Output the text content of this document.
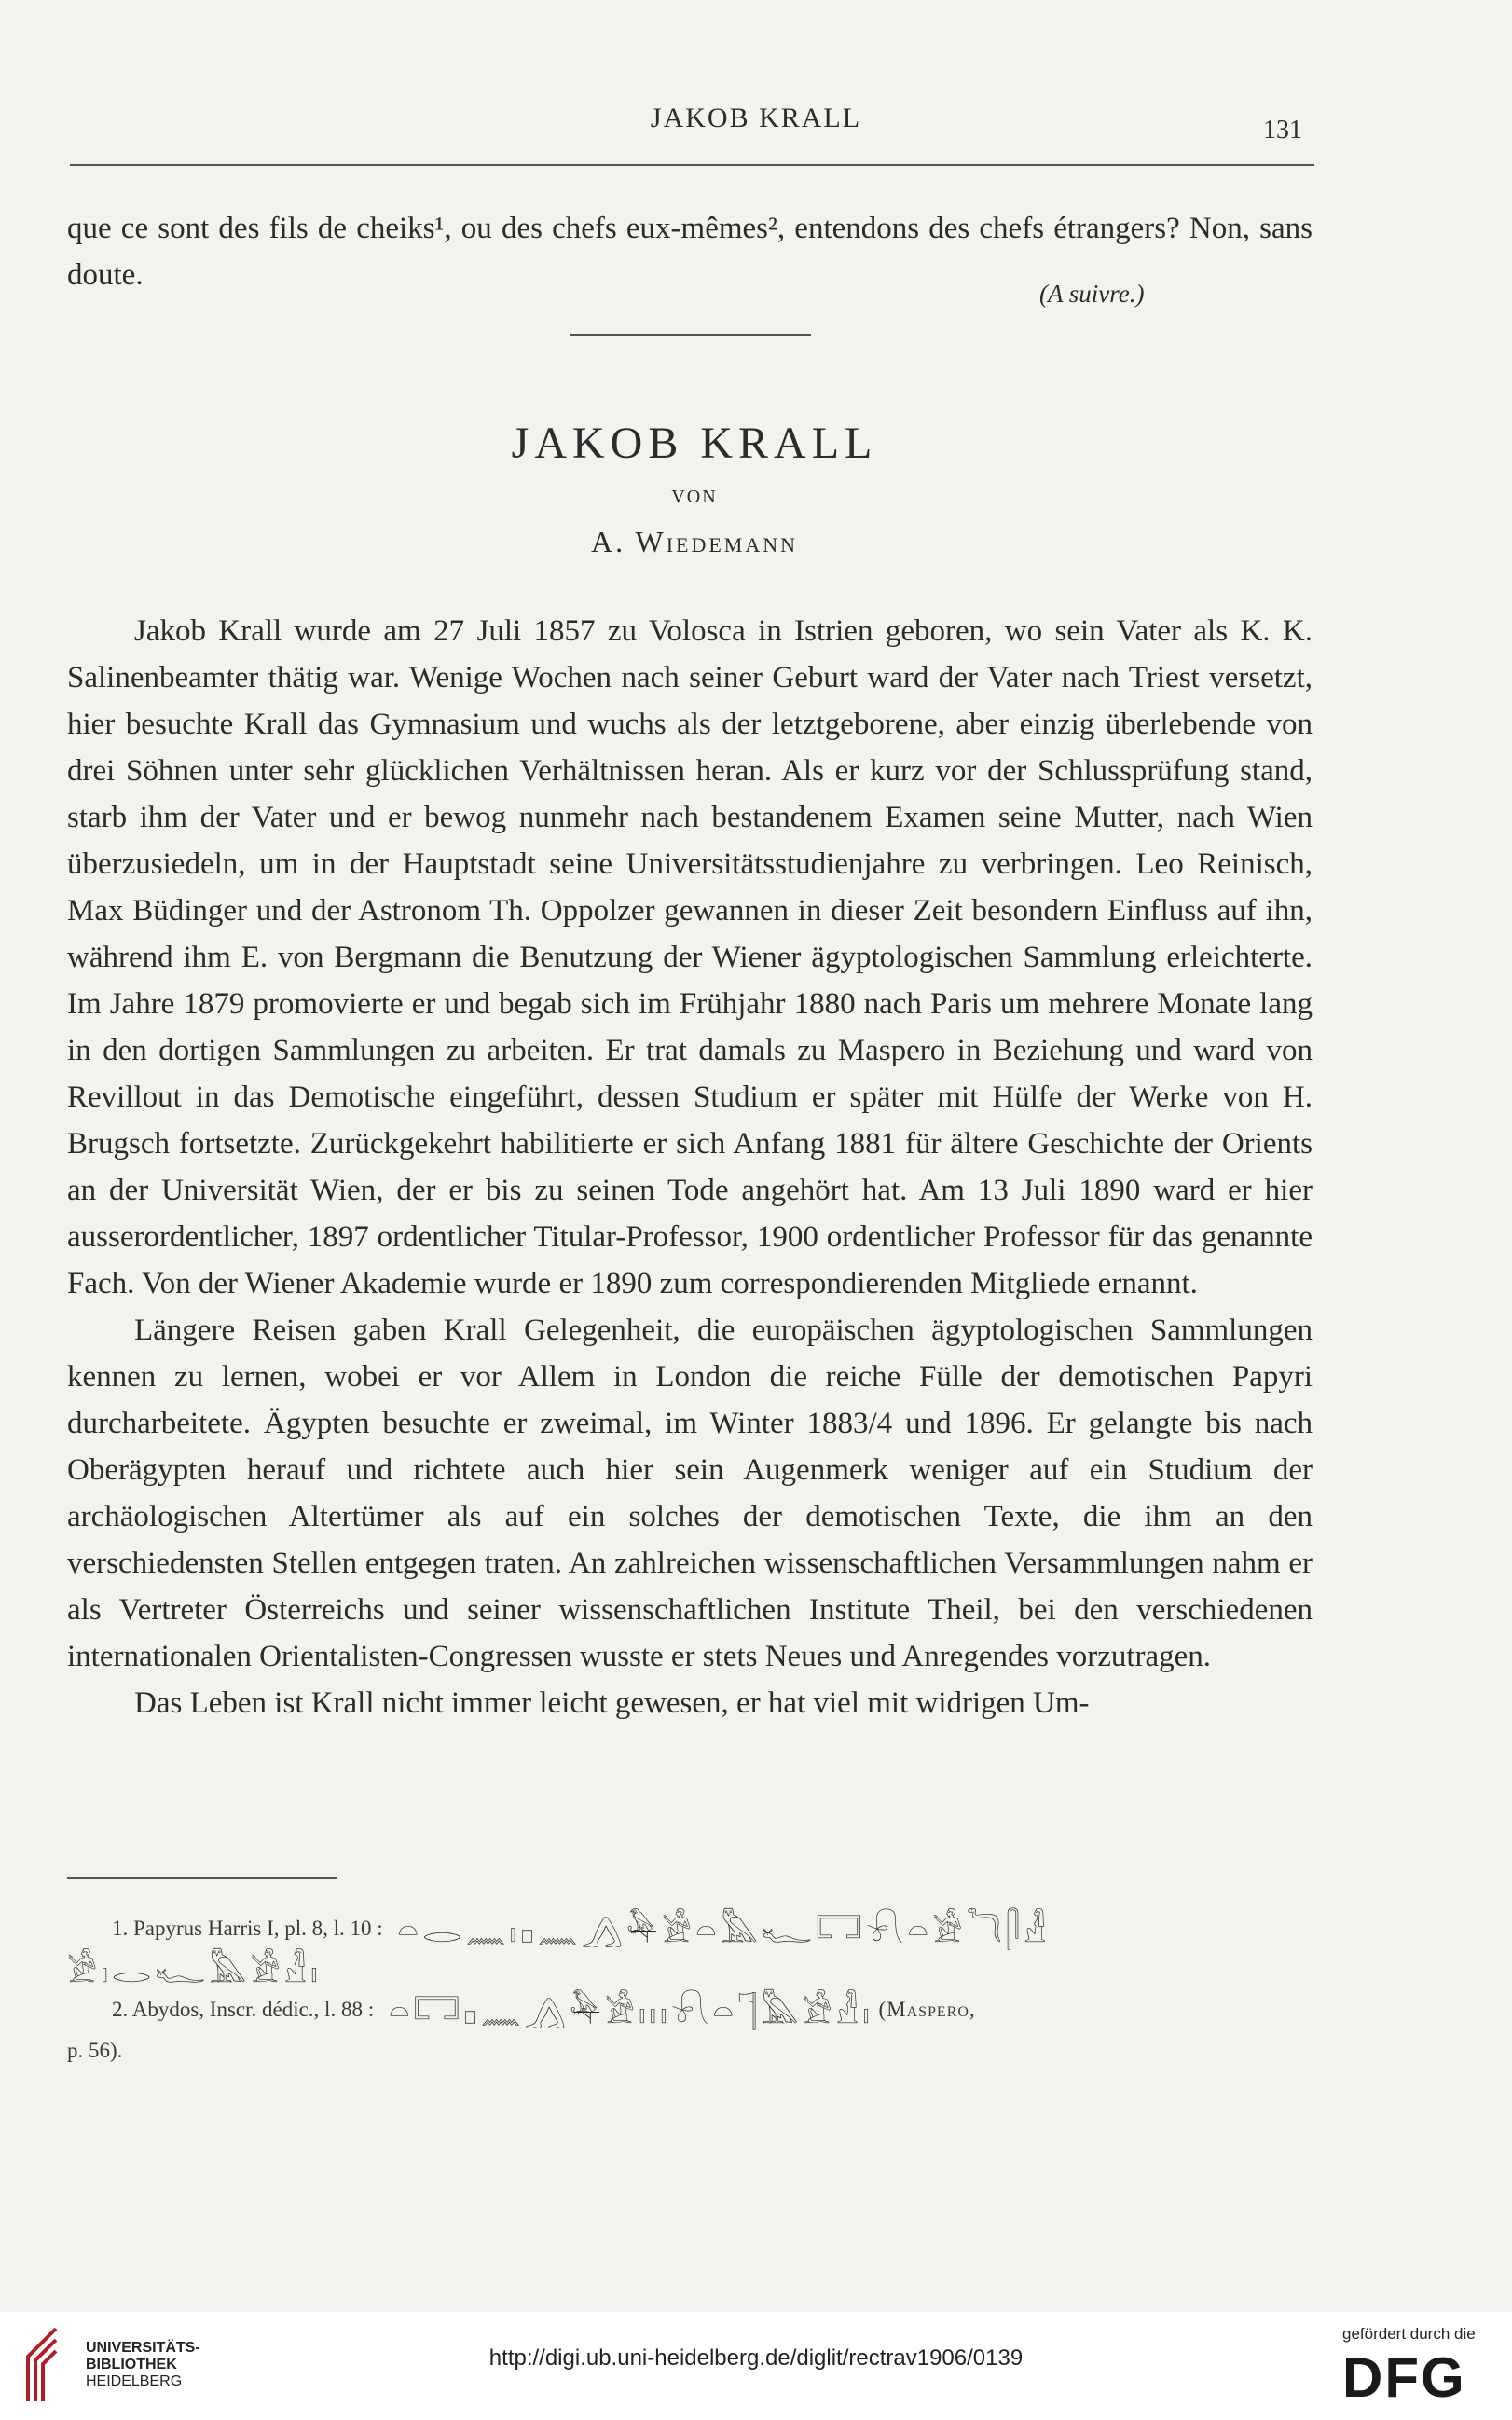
JAKOB KRALL	131
que ce sont des fils de cheiks¹, ou des chefs eux-mêmes², entendons des chefs étrangers? Non, sans doute.
(A suivre.)
JAKOB KRALL
VON
A. Wiedemann

Jakob Krall wurde am 27 Juli 1857 zu Volosca in Istrien geboren, wo sein Vater als K. K. Salinenbeamter thätig war. Wenige Wochen nach seiner Geburt ward der Vater nach Triest versetzt, hier besuchte Krall das Gymnasium und wuchs als der letztgeborene, aber einzig überlebende von drei Söhnen unter sehr glücklichen Verhältnissen heran. Als er kurz vor der Schlussprüfung stand, starb ihm der Vater und er bewog nunmehr nach bestandenem Examen seine Mutter, nach Wien überzusiedeln, um in der Hauptstadt seine Universitätsstudienjahre zu verbringen. Leo Reinisch, Max Büdinger und der Astronom Th. Oppolzer gewannen in dieser Zeit besondern Einfluss auf ihn, während ihm E. von Bergmann die Benutzung der Wiener ägyptologischen Sammlung erleichterte. Im Jahre 1879 promovierte er und begab sich im Frühjahr 1880 nach Paris um mehrere Monate lang in den dortigen Sammlungen zu arbeiten. Er trat damals zu Maspero in Beziehung und ward von Revillout in das Demotische eingeführt, dessen Studium er später mit Hülfe der Werke von H. Brugsch fortsetzte. Zurückgekehrt habilitierte er sich Anfang 1881 für ältere Geschichte der Orients an der Universität Wien, der er bis zu seinen Tode angehört hat. Am 13 Juli 1890 ward er hier ausserordentlicher, 1897 ordentlicher Titular-Professor, 1900 ordentlicher Professor für das genannte Fach. Von der Wiener Akademie wurde er 1890 zum correspondierenden Mitgliede ernannt.

Längere Reisen gaben Krall Gelegenheit, die europäischen ägyptologischen Sammlungen kennen zu lernen, wobei er vor Allem in London die reiche Fülle der demotischen Papyri durcharbeitete. Ägypten besuchte er zweimal, im Winter 1883/4 und 1896. Er gelangte bis nach Oberägypten herauf und richtete auch hier sein Augenmerk weniger auf ein Studium der archäologischen Altertümer als auf ein solches der demotischen Texte, die ihm an den verschiedensten Stellen entgegen traten. An zahlreichen wissenschaftlichen Versammlungen nahm er als Vertreter Österreichs und seiner wissenschaftlichen Institute Theil, bei den verschiedenen internationalen Orientalisten-Congressen wusste er stets Neues und Anregendes vorzutragen.

Das Leben ist Krall nicht immer leicht gewesen, er hat viel mit widrigen Um-

1. Papyrus Harris I, pl. 8, l. 10 : 𓏏𓂋𓈖𓏤𓊪𓈖𓂻𓅆𓀀𓏏𓅓𓆑𓉐𓍯𓏏𓀀𓆓𓋴𓁐
𓀀𓏤𓂋𓆑𓅓𓀀𓁐𓏤
2. Abydos, Inscr. dédic., l. 88 : 𓏏𓉐𓊪𓈖𓂻𓅆𓀀𓏤𓏤𓏤𓍯𓏏𓊹𓅓𓀀𓁐𓏤 (Maspero,
p. 56).
UNIVERSITÄTS-
BIBLIOTHEK
HEIDELBERG
http://digi.ub.uni-heidelberg.de/diglit/rectrav1906/0139
gefördert durch die
DFG
